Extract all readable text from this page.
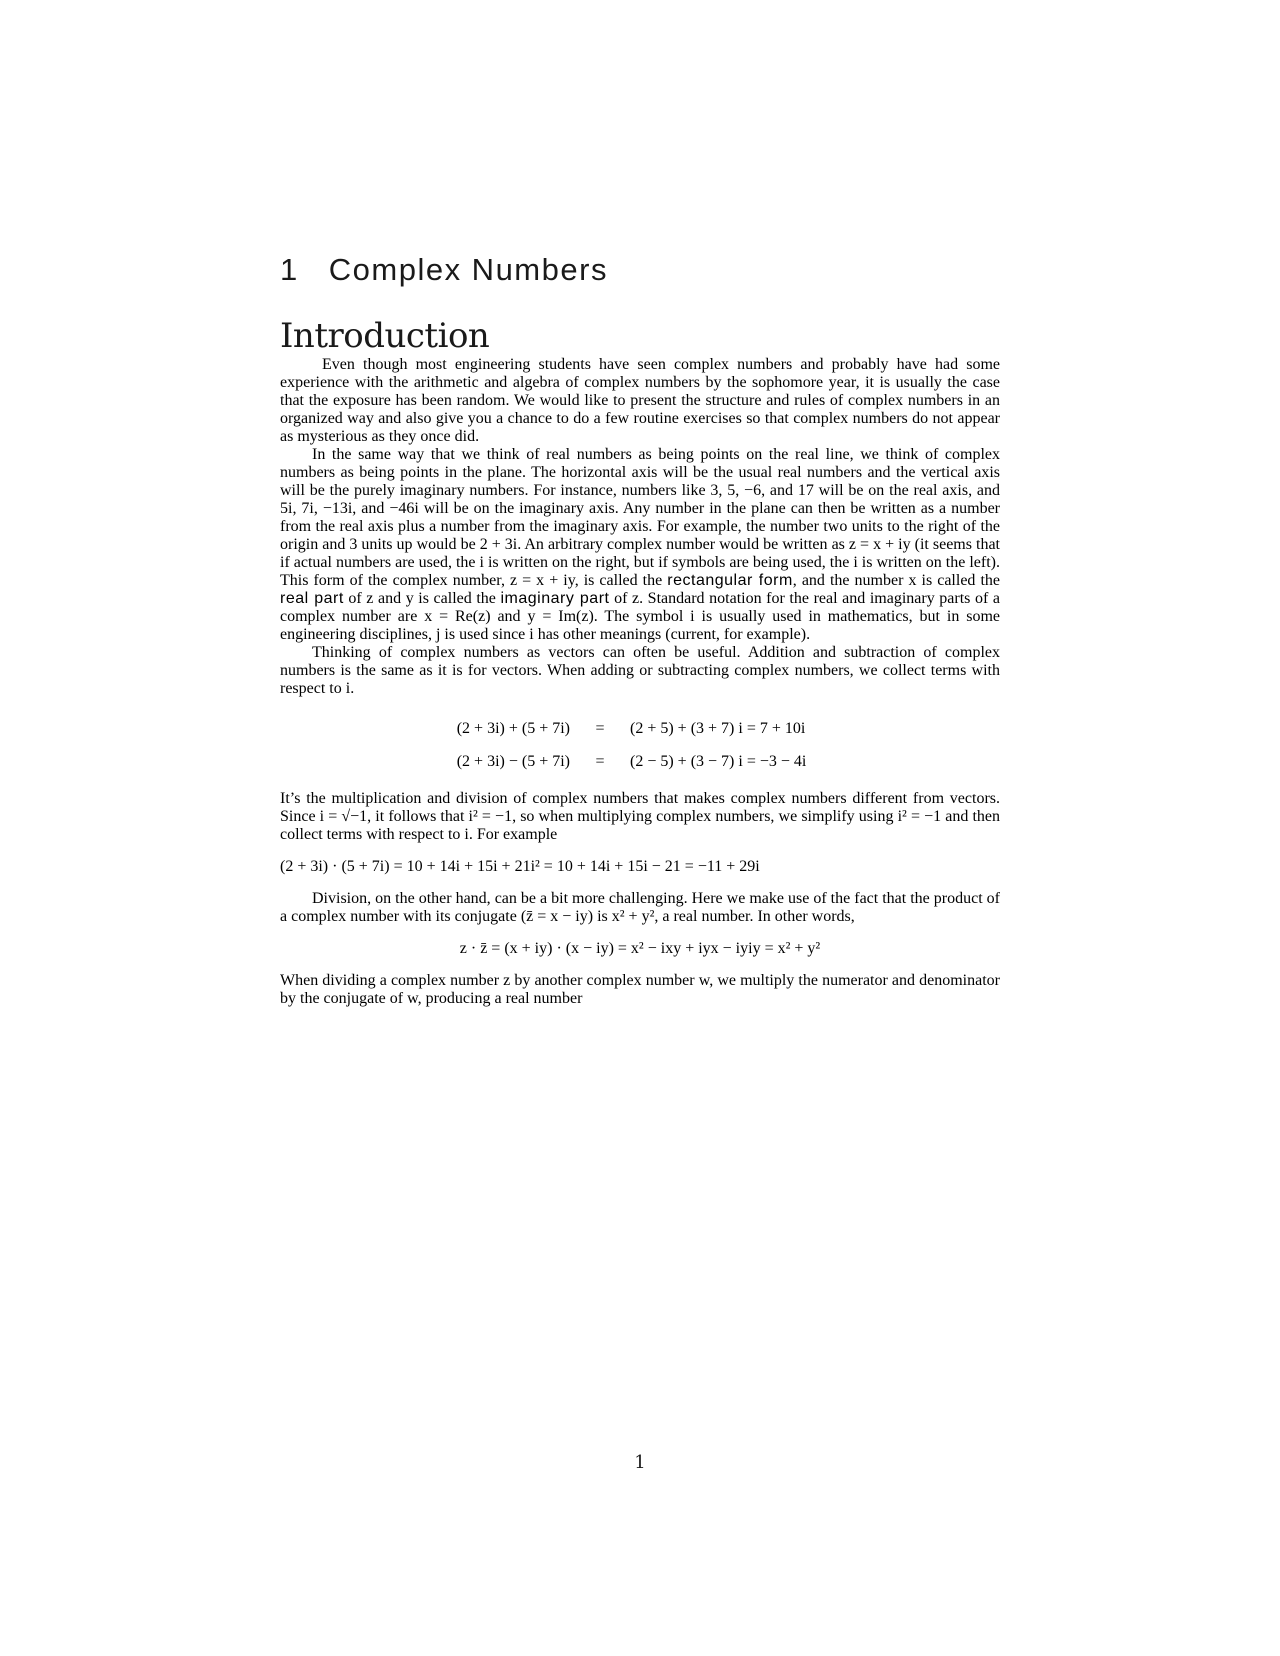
1 Complex Numbers
Introduction

Even though most engineering students have seen complex numbers and probably have had some experience with the arithmetic and algebra of complex numbers by the sophomore year, it is usually the case that the exposure has been random. We would like to present the structure and rules of complex numbers in an organized way and also give you a chance to do a few routine exercises so that complex numbers do not appear as mysterious as they once did.

In the same way that we think of real numbers as being points on the real line, we think of complex numbers as being points in the plane. The horizontal axis will be the usual real numbers and the vertical axis will be the purely imaginary numbers. For instance, numbers like 3, 5, −6, and 17 will be on the real axis, and 5i, 7i, −13i, and −46i will be on the imaginary axis. Any number in the plane can then be written as a number from the real axis plus a number from the imaginary axis. For example, the number two units to the right of the origin and 3 units up would be 2 + 3i. An arbitrary complex number would be written as z = x + iy (it seems that if actual numbers are used, the i is written on the right, but if symbols are being used, the i is written on the left). This form of the complex number, z = x + iy, is called the rectangular form, and the number x is called the real part of z and y is called the imaginary part of z. Standard notation for the real and imaginary parts of a complex number are x = Re(z) and y = Im(z). The symbol i is usually used in mathematics, but in some engineering disciplines, j is used since i has other meanings (current, for example).

Thinking of complex numbers as vectors can often be useful. Addition and subtraction of complex numbers is the same as it is for vectors. When adding or subtracting complex numbers, we collect terms with respect to i.

(2 + 3i) + (5 + 7i)	=	(2 + 5) + (3 + 7) i = 7 + 10i
(2 + 3i) − (5 + 7i)	=	(2 − 5) + (3 − 7) i = −3 − 4i

It’s the multiplication and division of complex numbers that makes complex numbers different from vectors. Since i = √−1, it follows that i² = −1, so when multiplying complex numbers, we simplify using i² = −1 and then collect terms with respect to i. For example

(2 + 3i) · (5 + 7i) = 10 + 14i + 15i + 21i² = 10 + 14i + 15i − 21 = −11 + 29i

Division, on the other hand, can be a bit more challenging. Here we make use of the fact that the product of a complex number with its conjugate (z̄ = x − iy) is x² + y², a real number. In other words,

z · z̄ = (x + iy) · (x − iy) = x² − ixy + iyx − iyiy = x² + y²

When dividing a complex number z by another complex number w, we multiply the numerator and denominator by the conjugate of w, producing a real number

1
